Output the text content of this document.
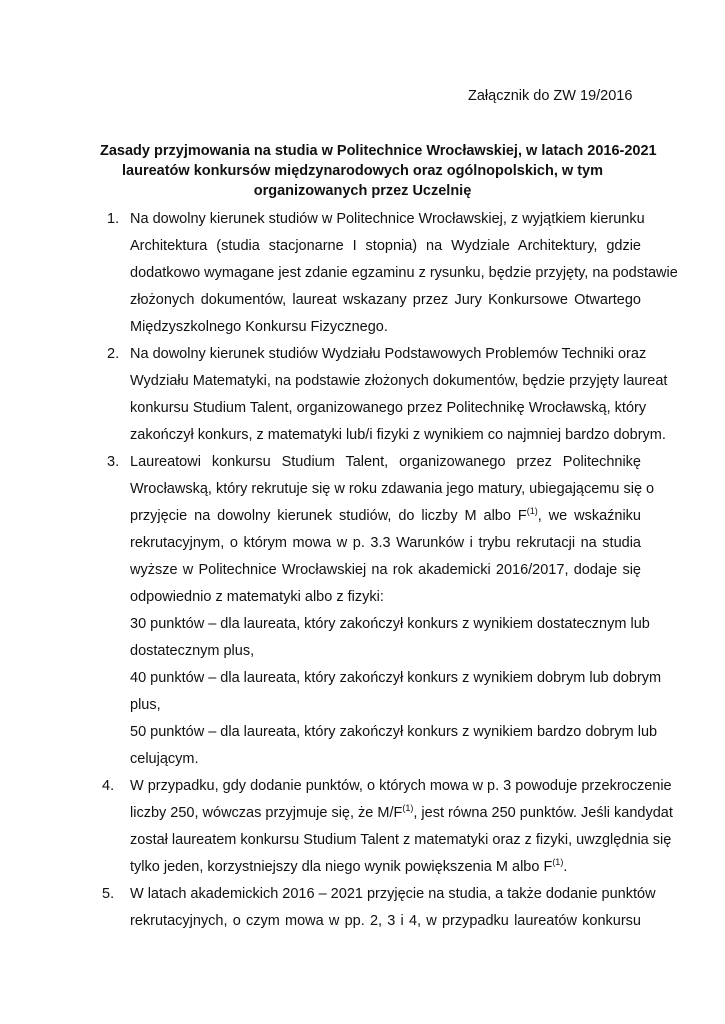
Załącznik do ZW 19/2016
Zasady przyjmowania na studia w Politechnice Wrocławskiej, w latach 2016-2021
laureatów konkursów międzynarodowych oraz ogólnopolskich, w tym
organizowanych przez Uczelnię
1. Na dowolny kierunek studiów w Politechnice Wrocławskiej, z wyjątkiem kierunku
Architektura (studia stacjonarne I stopnia) na Wydziale Architektury, gdzie
dodatkowo wymagane jest zdanie egzaminu z rysunku, będzie przyjęty, na podstawie
złożonych dokumentów, laureat wskazany przez Jury Konkursowe Otwartego
Międzyszkolnego Konkursu Fizycznego.
2. Na dowolny kierunek studiów Wydziału Podstawowych Problemów Techniki oraz
Wydziału Matematyki, na podstawie złożonych dokumentów, będzie przyjęty laureat
konkursu Studium Talent, organizowanego przez Politechnikę Wrocławską, który
zakończył konkurs, z matematyki lub/i fizyki z wynikiem co najmniej bardzo dobrym.
3. Laureatowi konkursu Studium Talent, organizowanego przez Politechnikę
Wrocławską, który rekrutuje się w roku zdawania jego matury, ubiegającemu się o
przyjęcie na dowolny kierunek studiów, do liczby M albo $F^{(1)}$, we wskaźniku
rekrutacyjnym, o którym mowa w p. 3.3 Warunków i trybu rekrutacji na studia
wyższe w Politechnice Wrocławskiej na rok akademicki 2016/2017, dodaje się
odpowiednio z matematyki albo z fizyki:
30 punktów – dla laureata, który zakończył konkurs z wynikiem dostatecznym lub
dostatecznym plus,
40 punktów – dla laureata, który zakończył konkurs z wynikiem dobrym lub dobrym
plus,
50 punktów – dla laureata, który zakończył konkurs z wynikiem bardzo dobrym lub
celującym.
4. W przypadku, gdy dodanie punktów, o których mowa w p. 3 powoduje przekroczenie
liczby 250, wówczas przyjmuje się, że $M/F^{(1)}$, jest równa 250 punktów. Jeśli kandydat
został laureatem konkursu Studium Talent z matematyki oraz z fizyki, uwzględnia się
tylko jeden, korzystniejszy dla niego wynik powiększenia M albo $F^{(1)}$.
5. W latach akademickich 2016 – 2021 przyjęcie na studia, a także dodanie punktów
rekrutacyjnych, o czym mowa w pp. 2, 3 i 4, w przypadku laureatów konkursu
